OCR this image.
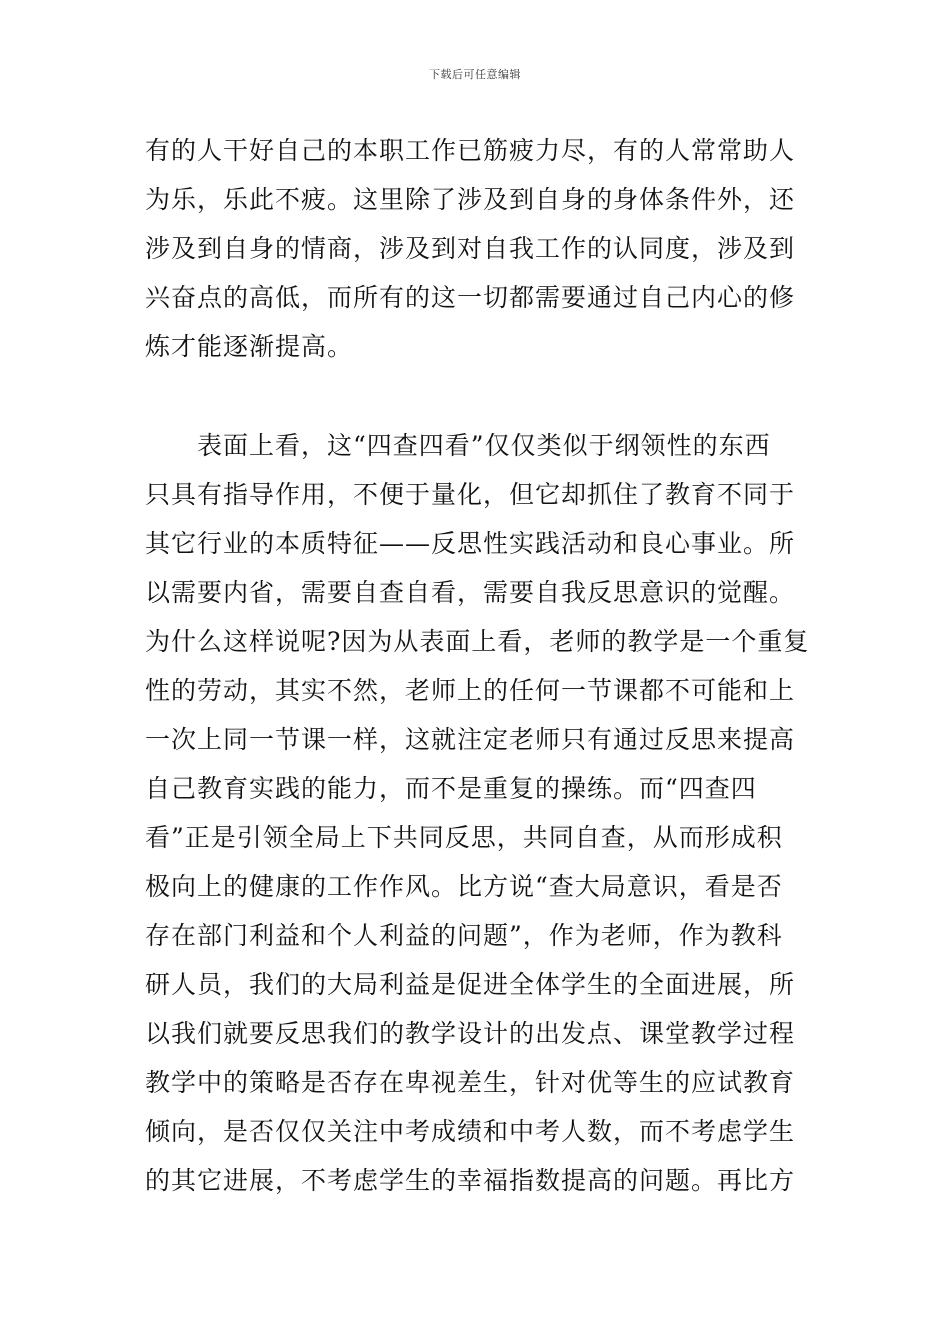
下载后可任意编辑
有的人干好自己的本职工作已筋疲力尽，有的人常常助人
为乐，乐此不疲。这里除了涉及到自身的身体条件外，还
涉及到自身的情商，涉及到对自我工作的认同度，涉及到
兴奋点的高低，而所有的这一切都需要通过自己内心的修
炼才能逐渐提高。
　　表面上看，这“四查四看”仅仅类似于纲领性的东西
只具有指导作用，不便于量化，但它却抓住了教育不同于
其它行业的本质特征——反思性实践活动和良心事业。所
以需要内省，需要自查自看，需要自我反思意识的觉醒。
为什么这样说呢?因为从表面上看，老师的教学是一个重复
性的劳动，其实不然，老师上的任何一节课都不可能和上
一次上同一节课一样，这就注定老师只有通过反思来提高
自己教育实践的能力，而不是重复的操练。而“四查四
看”正是引领全局上下共同反思，共同自查，从而形成积
极向上的健康的工作作风。比方说“查大局意识，看是否
存在部门利益和个人利益的问题”，作为老师，作为教科
研人员，我们的大局利益是促进全体学生的全面进展，所
以我们就要反思我们的教学设计的出发点、课堂教学过程
教学中的策略是否存在卑视差生，针对优等生的应试教育
倾向，是否仅仅关注中考成绩和中考人数，而不考虑学生
的其它进展，不考虑学生的幸福指数提高的问题。再比方
